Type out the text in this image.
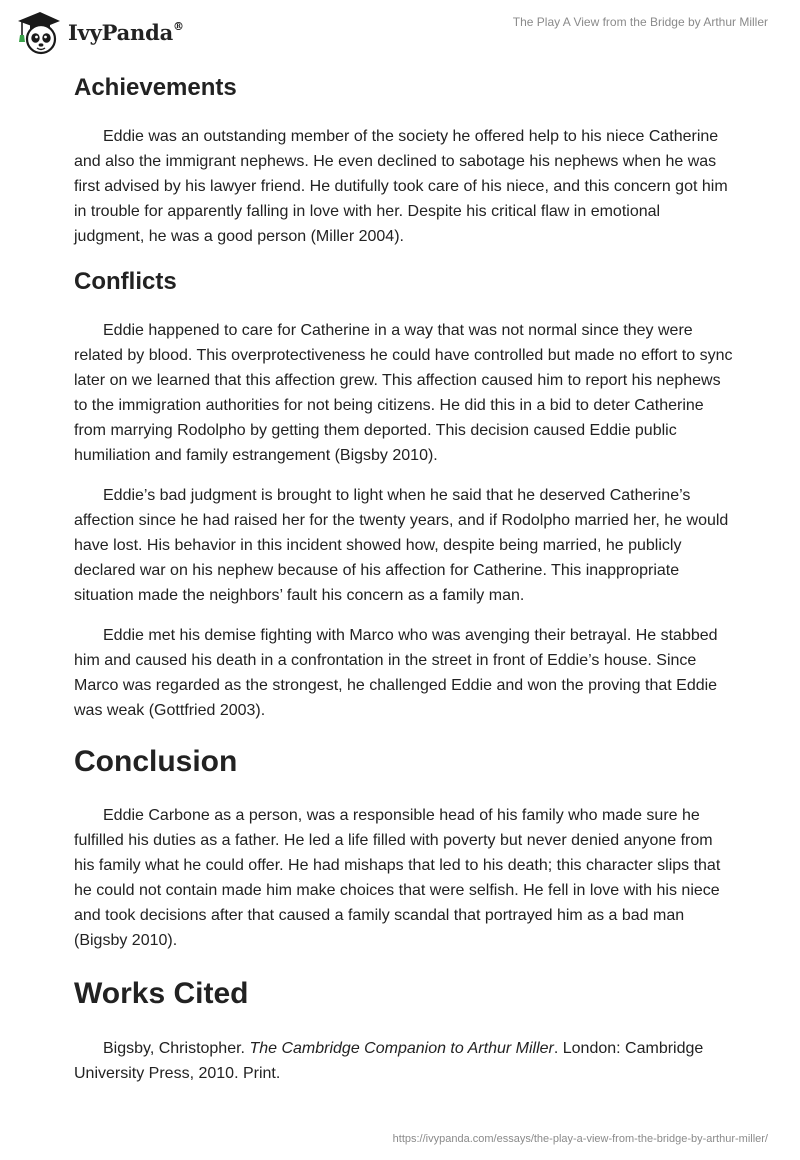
IvyPanda®	The Play A View from the Bridge by Arthur Miller
Achievements

Eddie was an outstanding member of the society he offered help to his niece Catherine and also the immigrant nephews. He even declined to sabotage his nephews when he was first advised by his lawyer friend. He dutifully took care of his niece, and this concern got him in trouble for apparently falling in love with her. Despite his critical flaw in emotional judgment, he was a good person (Miller 2004).

Conflicts

Eddie happened to care for Catherine in a way that was not normal since they were related by blood. This overprotectiveness he could have controlled but made no effort to sync later on we learned that this affection grew. This affection caused him to report his nephews to the immigration authorities for not being citizens. He did this in a bid to deter Catherine from marrying Rodolpho by getting them deported. This decision caused Eddie public humiliation and family estrangement (Bigsby 2010).

Eddie’s bad judgment is brought to light when he said that he deserved Catherine’s affection since he had raised her for the twenty years, and if Rodolpho married her, he would have lost. His behavior in this incident showed how, despite being married, he publicly declared war on his nephew because of his affection for Catherine. This inappropriate situation made the neighbors’ fault his concern as a family man.

Eddie met his demise fighting with Marco who was avenging their betrayal. He stabbed him and caused his death in a confrontation in the street in front of Eddie’s house. Since Marco was regarded as the strongest, he challenged Eddie and won the proving that Eddie was weak (Gottfried 2003).

Conclusion

Eddie Carbone as a person, was a responsible head of his family who made sure he fulfilled his duties as a father. He led a life filled with poverty but never denied anyone from his family what he could offer. He had mishaps that led to his death; this character slips that he could not contain made him make choices that were selfish. He fell in love with his niece and took decisions after that caused a family scandal that portrayed him as a bad man (Bigsby 2010).

Works Cited

Bigsby, Christopher. The Cambridge Companion to Arthur Miller. London: Cambridge University Press, 2010. Print.

https://ivypanda.com/essays/the-play-a-view-from-the-bridge-by-arthur-miller/
